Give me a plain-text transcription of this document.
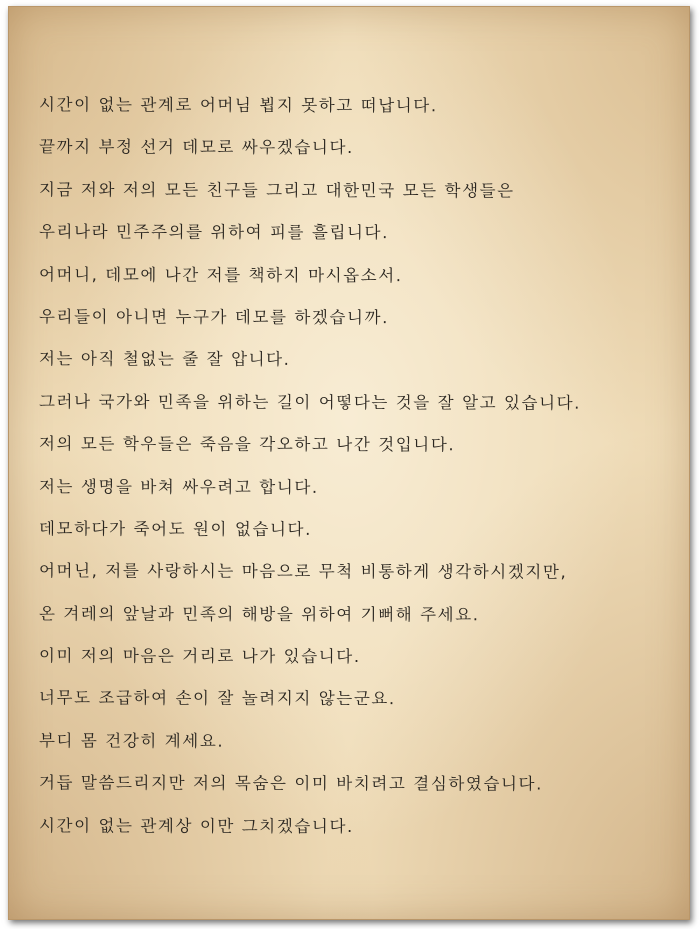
시간이 없는 관계로 어머님 뵙지 못하고 떠납니다.
끝까지 부정 선거 데모로 싸우겠습니다.
지금 저와 저의 모든 친구들 그리고 대한민국 모든 학생들은
우리나라 민주주의를 위하여 피를 흘립니다.
어머니, 데모에 나간 저를 책하지 마시옵소서.
우리들이 아니면 누구가 데모를 하겠습니까.
저는 아직 철없는 줄 잘 압니다.
그러나 국가와 민족을 위하는 길이 어떻다는 것을 잘 알고 있습니다.
저의 모든 학우들은 죽음을 각오하고 나간 것입니다.
저는 생명을 바쳐 싸우려고 합니다.
데모하다가 죽어도 원이 없습니다.
어머닌, 저를 사랑하시는 마음으로 무척 비통하게 생각하시겠지만,
온 겨레의 앞날과 민족의 해방을 위하여 기뻐해 주세요.
이미 저의 마음은 거리로 나가 있습니다.
너무도 조급하여 손이 잘 놀려지지 않는군요.
부디 몸 건강히 계세요.
거듭 말씀드리지만 저의 목숨은 이미 바치려고 결심하였습니다.
시간이 없는 관계상 이만 그치겠습니다.
